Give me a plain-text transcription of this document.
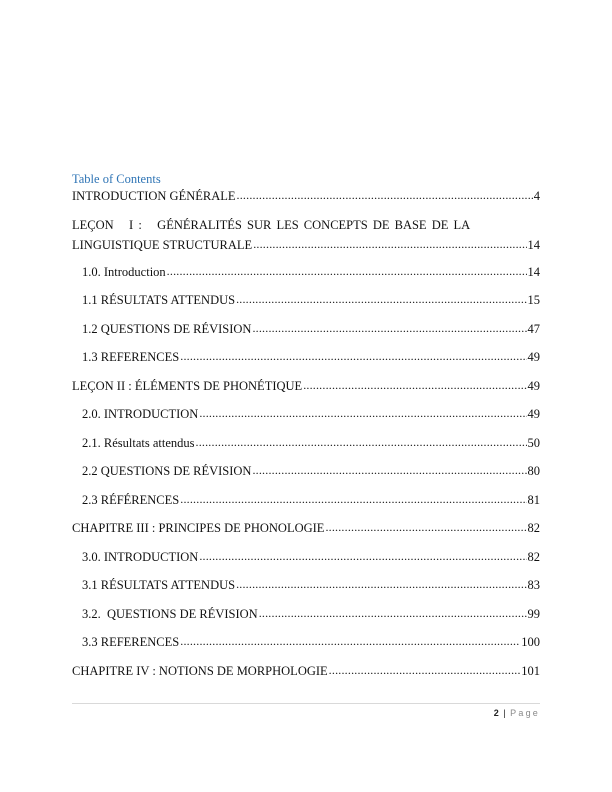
Table of Contents
INTRODUCTION GÉNÉRALE .....	4
LEÇON   I :   GÉNÉRALITÉS SUR LES CONCEPTS DE BASE DE LA
LINGUISTIQUE STRUCTURALE .....	14
1.0. Introduction .....	14
1.1 RÉSULTATS ATTENDUS .....	15
1.2 QUESTIONS DE RÉVISION .....	47
1.3 REFERENCES .....	49
LEÇON II : ÉLÉMENTS DE PHONÉTIQUE .....	49
2.0. INTRODUCTION .....	49
2.1. Résultats attendus .....	50
2.2 QUESTIONS DE RÉVISION .....	80
2.3 RÉFÉRENCES .....	81
CHAPITRE III : PRINCIPES DE PHONOLOGIE .....	82
3.0. INTRODUCTION .....	82
3.1 RÉSULTATS ATTENDUS .....	83
3.2.  QUESTIONS DE RÉVISION .....	99
3.3 REFERENCES .....	100
CHAPITRE IV : NOTIONS DE MORPHOLOGIE .....	101
2 | Page
